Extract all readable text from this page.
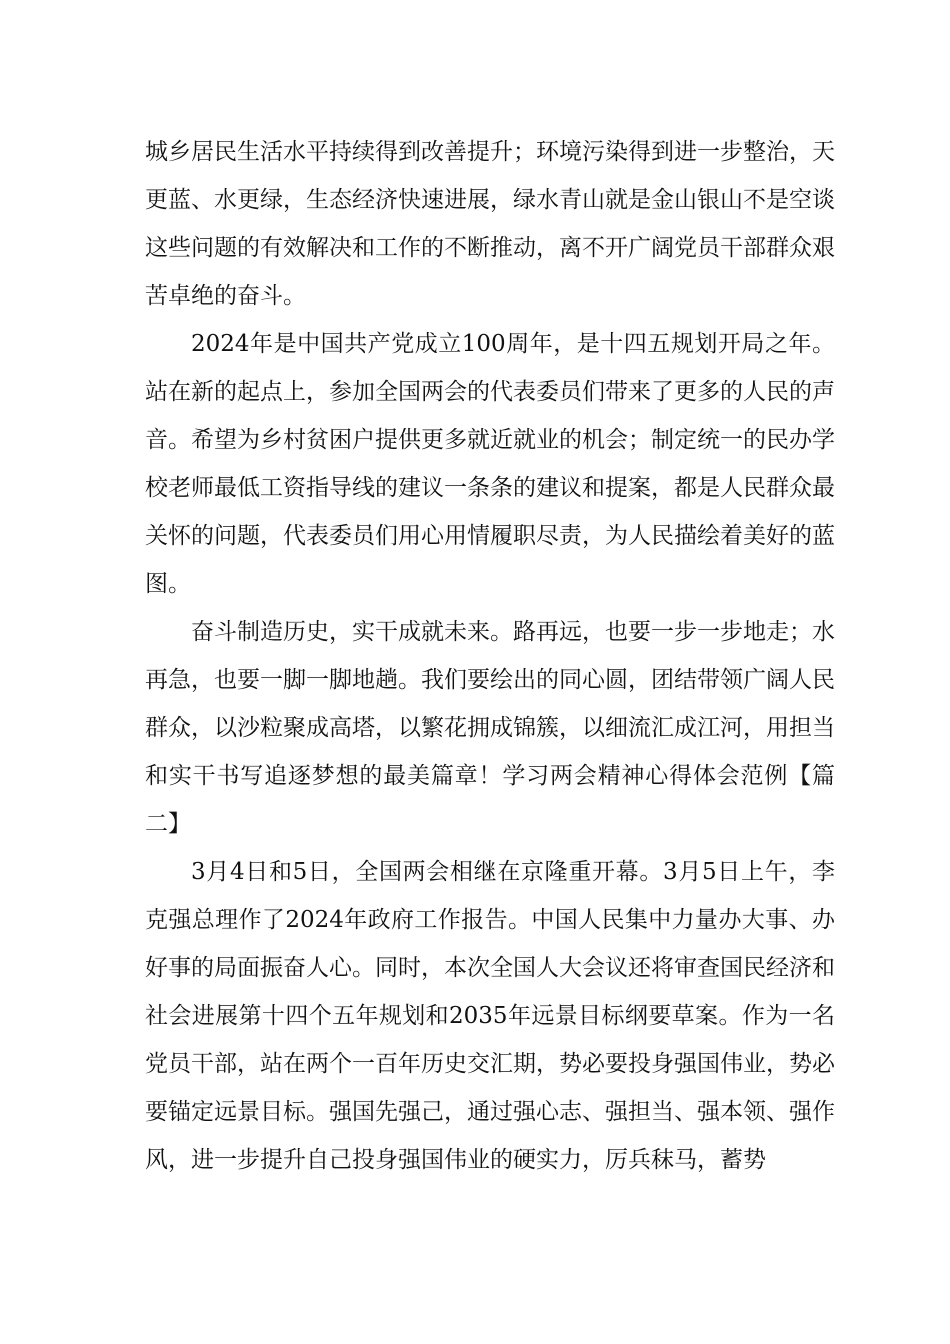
城乡居民生活水平持续得到改善提升；环境污染得到进一步整治，天更蓝、水更绿，生态经济快速进展，绿水青山就是金山银山不是空谈这些问题的有效解决和工作的不断推动，离不开广阔党员干部群众艰苦卓绝的奋斗。

2024年是中国共产党成立100周年，是十四五规划开局之年。站在新的起点上，参加全国两会的代表委员们带来了更多的人民的声音。希望为乡村贫困户提供更多就近就业的机会；制定统一的民办学校老师最低工资指导线的建议一条条的建议和提案，都是人民群众最关怀的问题，代表委员们用心用情履职尽责，为人民描绘着美好的蓝图。

奋斗制造历史，实干成就未来。路再远，也要一步一步地走；水再急，也要一脚一脚地趟。我们要绘出的同心圆，团结带领广阔人民群众，以沙粒聚成高塔，以繁花拥成锦簇，以细流汇成江河，用担当和实干书写追逐梦想的最美篇章！学习两会精神心得体会范例【篇二】

3月4日和5日，全国两会相继在京隆重开幕。3月5日上午，李克强总理作了2024年政府工作报告。中国人民集中力量办大事、办好事的局面振奋人心。同时，本次全国人大会议还将审查国民经济和社会进展第十四个五年规划和2035年远景目标纲要草案。作为一名党员干部，站在两个一百年历史交汇期，势必要投身强国伟业，势必要锚定远景目标。强国先强己，通过强心志、强担当、强本领、强作风，进一步提升自己投身强国伟业的硬实力，厉兵秣马，蓄势
